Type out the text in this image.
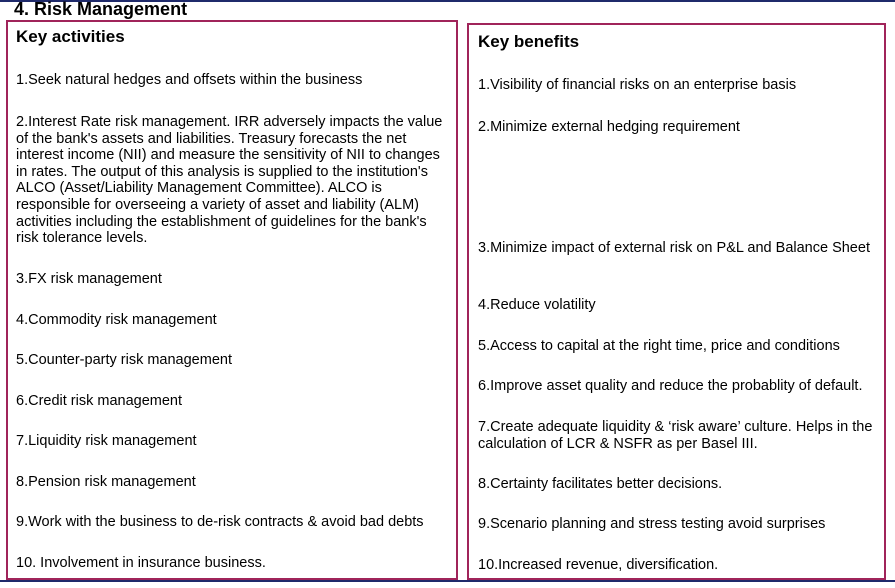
4. Risk Management
Key activities

1.Seek natural hedges and offsets within the business

2.Interest Rate risk management. IRR adversely impacts the value of the bank's assets and liabilities. Treasury forecasts the net interest income (NII) and measure the sensitivity of NII to changes in rates. The output of this analysis is supplied to the institution's ALCO (Asset/Liability Management Committee). ALCO is responsible for overseeing a variety of asset and liability (ALM) activities including the establishment of guidelines for the bank's risk tolerance levels.

3.FX risk management

4.Commodity risk management

5.Counter-party risk management

6.Credit risk management

7.Liquidity risk management

8.Pension risk management

9.Work with the business to de-risk contracts & avoid bad debts

10. Involvement in insurance business.

Key benefits

1.Visibility of financial risks on an enterprise basis

2.Minimize external hedging requirement

3.Minimize impact of external risk on P&L and Balance Sheet

4.Reduce volatility

5.Access to capital at the right time, price and conditions

6.Improve asset quality and reduce the probablity of default.

7.Create adequate liquidity & ‘risk aware’ culture. Helps in the calculation of LCR & NSFR as per Basel III.

8.Certainty facilitates better decisions.

9.Scenario planning and stress testing avoid surprises

10.Increased revenue, diversification.
